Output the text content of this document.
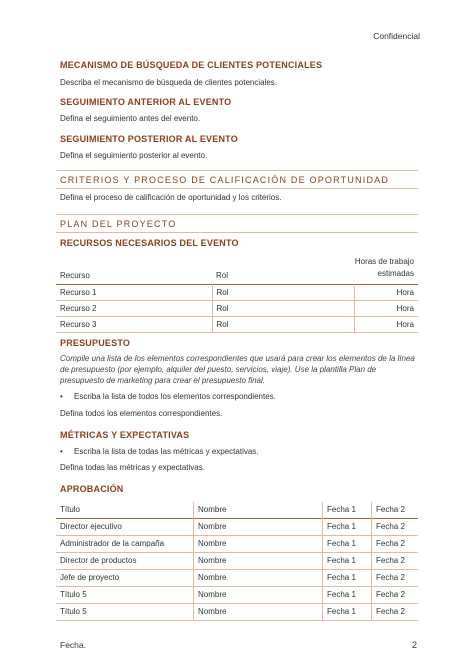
Confidencial
MECANISMO DE BÚSQUEDA DE CLIENTES POTENCIALES
Describa el mecanismo de búsqueda de clientes potenciales.
SEGUIMIENTO ANTERIOR AL EVENTO
Defina el seguimiento antes del evento.
SEGUIMIENTO POSTERIOR AL EVENTO
Defina el seguimiento posterior al evento.
CRITERIOS Y PROCESO DE CALIFICACIÓN DE OPORTUNIDAD
Defina el proceso de calificación de oportunidad y los criterios.
PLAN DEL PROYECTO
RECURSOS NECESARIOS DEL EVENTO
Recurso	Rol	Horas de trabajo
estimadas
Recurso 1	Rol	Hora
Recurso 2	Rol	Hora
Recurso 3	Rol	Hora
PRESUPUESTO
Compile una lista de los elementos correspondientes que usará para crear los elementos de la línea de presupuesto (por ejemplo, alquiler del puesto, servicios, viaje). Use la plantilla Plan de presupuesto de marketing para crear el presupuesto final.
• Escriba la lista de todos los elementos correspondientes.
Defina todos los elementos correspondientes.
MÉTRICAS Y EXPECTATIVAS
• Escriba la lista de todas las métricas y expectativas.
Defina todas las métricas y expectativas.
APROBACIÓN
Título	Nombre	Fecha 1	Fecha 2
Director ejecutivo	Nombre	Fecha 1	Fecha 2
Administrador de la campaña	Nombre	Fecha 1	Fecha 2
Director de productos	Nombre	Fecha 1	Fecha 2
Jefe de proyecto	Nombre	Fecha 1	Fecha 2
Título 5	Nombre	Fecha 1	Fecha 2
Título 5	Nombre	Fecha 1	Fecha 2
Fecha.	2
